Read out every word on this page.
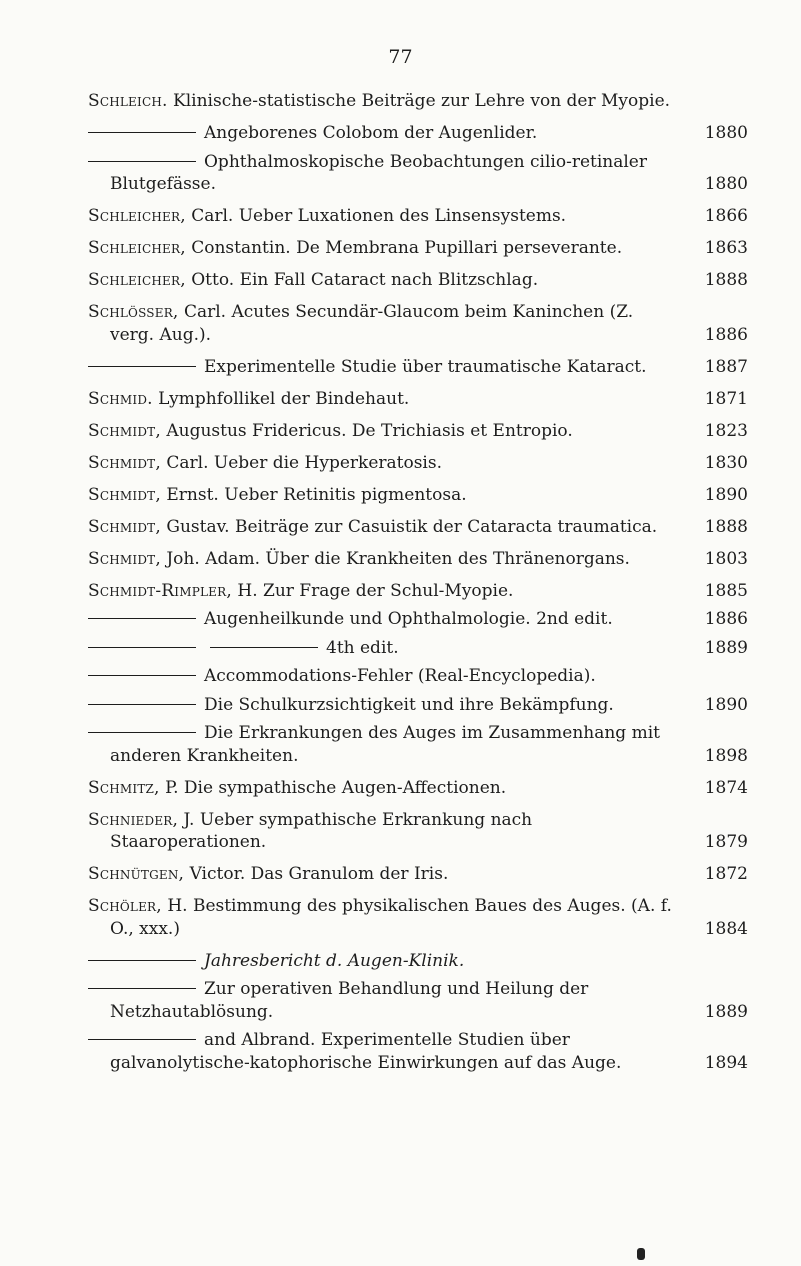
77
Schleich. Klinische-statistische Beiträge zur Lehre von der Myopie.
Angeborenes Colobom der Augenlider.	1880
Ophthalmoskopische Beobachtungen cilio-retinaler Blutgefässe.	1880
Schleicher, Carl. Ueber Luxationen des Linsensystems.	1866
Schleicher, Constantin. De Membrana Pupillari perseverante.	1863
Schleicher, Otto. Ein Fall Cataract nach Blitzschlag.	1888
Schlösser, Carl. Acutes Secundär-Glaucom beim Kaninchen (Z. verg. Aug.).	1886
Experimentelle Studie über traumatische Kataract.	1887
Schmid. Lymphfollikel der Bindehaut.	1871
Schmidt, Augustus Fridericus. De Trichiasis et Entropio.	1823
Schmidt, Carl. Ueber die Hyperkeratosis.	1830
Schmidt, Ernst. Ueber Retinitis pigmentosa.	1890
Schmidt, Gustav. Beiträge zur Casuistik der Cataracta traumatica.	1888
Schmidt, Joh. Adam. Über die Krankheiten des Thränenorgans.	1803
Schmidt-Rimpler, H. Zur Frage der Schul-Myopie.	1885
Augenheilkunde und Ophthalmologie. 2nd edit.	1886
4th edit.	1889
Accommodations-Fehler (Real-Encyclopedia).
Die Schulkurzsichtigkeit und ihre Bekämpfung.	1890
Die Erkrankungen des Auges im Zusammenhang mit anderen Krankheiten.	1898
Schmitz, P. Die sympathische Augen-Affectionen.	1874
Schnieder, J. Ueber sympathische Erkrankung nach Staaroperationen.	1879
Schnütgen, Victor. Das Granulom der Iris.	1872
Schöler, H. Bestimmung des physikalischen Baues des Auges. (A. f. O., xxx.)	1884
Jahresbericht d. Augen-Klinik.
Zur operativen Behandlung und Heilung der Netzhautablösung.	1889
and Albrand. Experimentelle Studien über galvanolytische-katophorische Einwirkungen auf das Auge.	1894
